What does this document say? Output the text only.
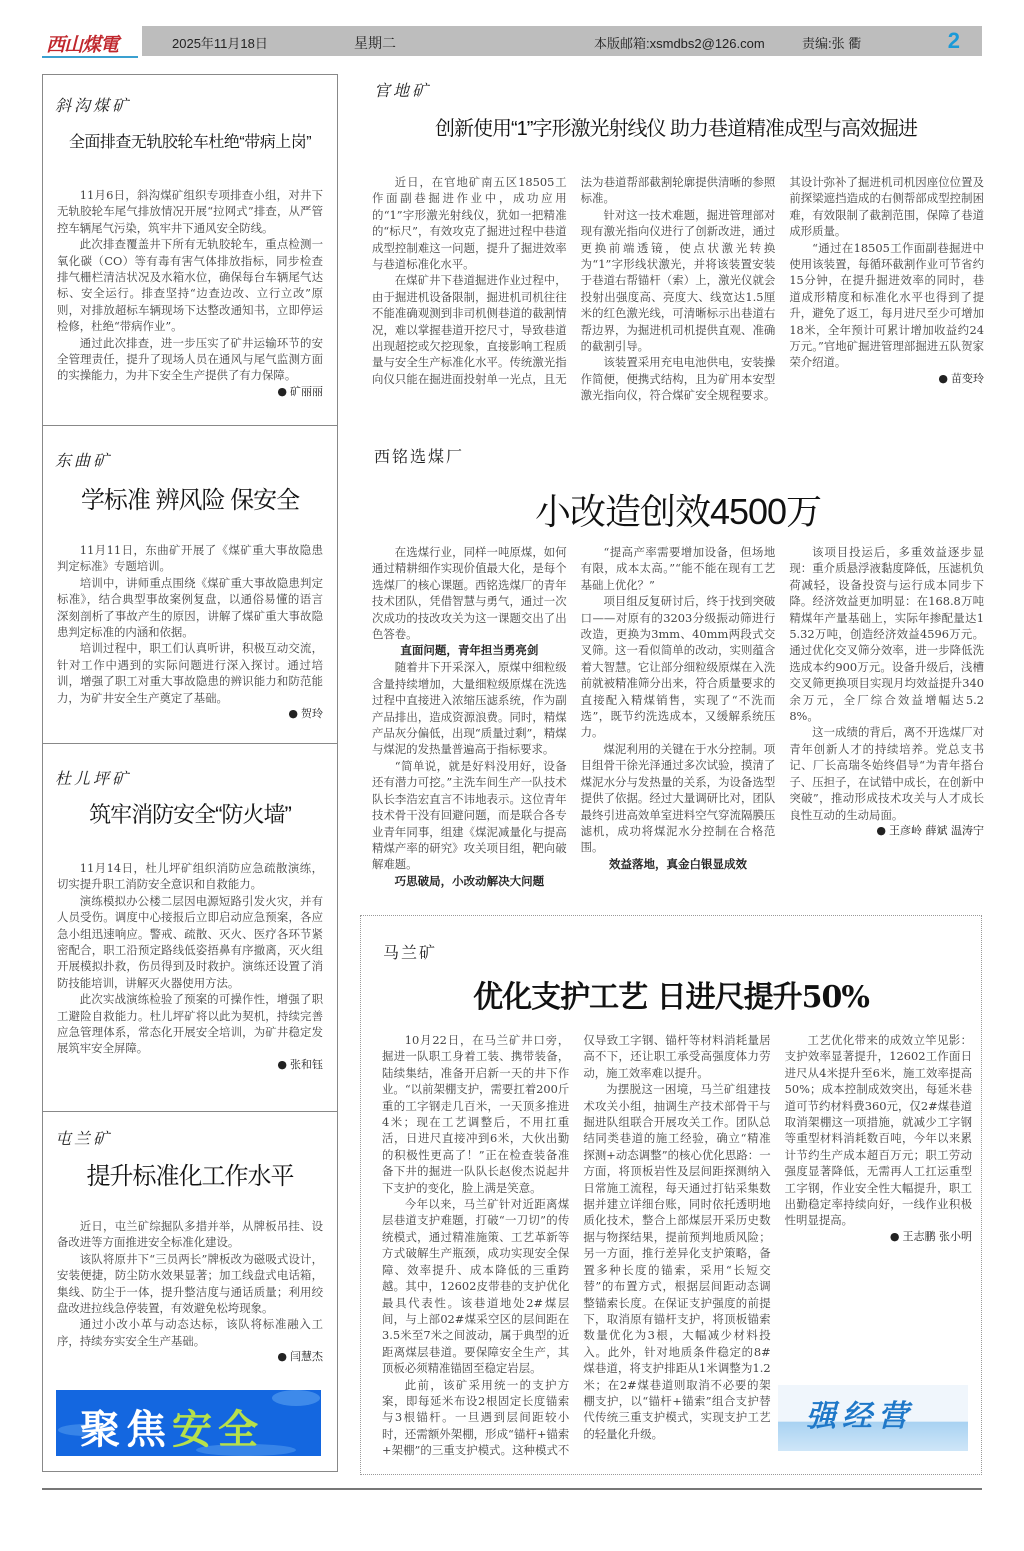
西山煤電	2025年11月18日	星期二	本版邮箱:xsmdbs2@126.com	责编:张 衢	2
斜沟煤矿
全面排查无轨胶轮车杜绝“带病上岗”

11月6日，斜沟煤矿组织专项排查小组，对井下无轨胶轮车尾气排放情况开展“拉网式”排查，从严管控车辆尾气污染，筑牢井下通风安全防线。

此次排查覆盖井下所有无轨胶轮车，重点检测一氧化碳（CO）等有毒有害气体排放指标，同步检查排气栅栏清洁状况及水箱水位，确保每台车辆尾气达标、安全运行。排查坚持“边查边改、立行立改”原则，对排放超标车辆现场下达整改通知书，立即停运检修，杜绝“带病作业”。

通过此次排查，进一步压实了矿井运输环节的安全管理责任，提升了现场人员在通风与尾气监测方面的实操能力，为井下安全生产提供了有力保障。

● 矿丽丽
东曲矿
学标准 辨风险 保安全

11月11日，东曲矿开展了《煤矿重大事故隐患判定标准》专题培训。

培训中，讲师重点围绕《煤矿重大事故隐患判定标准》，结合典型事故案例复盘，以通俗易懂的语言深刻剖析了事故产生的原因，讲解了煤矿重大事故隐患判定标准的内涵和依据。

培训过程中，职工们认真听讲，积极互动交流，针对工作中遇到的实际问题进行深入探讨。通过培训，增强了职工对重大事故隐患的辨识能力和防范能力，为矿井安全生产奠定了基础。

● 贺玲
杜儿坪矿
筑牢消防安全“防火墙”

11月14日，杜儿坪矿组织消防应急疏散演练，切实提升职工消防安全意识和自救能力。

演练模拟办公楼二层因电源短路引发火灾，并有人员受伤。调度中心接报后立即启动应急预案，各应急小组迅速响应。警戒、疏散、灭火、医疗各环节紧密配合，职工沿预定路线低姿捂鼻有序撤离，灭火组开展模拟扑救，伤员得到及时救护。演练还设置了消防技能培训，讲解灭火器使用方法。

此次实战演练检验了预案的可操作性，增强了职工避险自救能力。杜儿坪矿将以此为契机，持续完善应急管理体系，常态化开展安全培训，为矿井稳定发展筑牢安全屏障。

● 张和钰
屯兰矿
提升标准化工作水平

近日，屯兰矿综掘队多措并举，从牌板吊挂、设备改进等方面推进安全标准化建设。

该队将原井下“三员两长”牌板改为磁吸式设计，安装便捷，防尘防水效果显著；加工线盘式电话箱，集线、防尘于一体，提升整洁度与通话质量；利用绞盘改进拉线急停装置，有效避免松垮现象。

通过小改小革与动态达标，该队将标准融入工序，持续夯实安全生产基础。

● 闫慧杰
聚焦安全
官地矿
创新使用“1”字形激光射线仪 助力巷道精准成型与高效掘进

近日，在官地矿南五区18505工作面副巷掘进作业中，成功应用的“1”字形激光射线仪，犹如一把精准的“标尺”，有效攻克了掘进过程中巷道成型控制难这一问题，提升了掘进效率与巷道标准化水平。

在煤矿井下巷道掘进作业过程中，由于掘进机设备限制，掘进机司机往往不能准确观测到非司机侧巷道的截割情况，难以掌握巷道开挖尺寸，导致巷道出现超挖或欠挖现象，直接影响工程质量与安全生产标准化水平。传统激光指向仪只能在掘进面投射单一光点，且无法为巷道帮部截割轮廓提供清晰的参照标准。

针对这一技术难题，掘进管理部对现有激光指向仪进行了创新改进，通过更换前端透镜，使点状激光转换为“1”字形线状激光，并将该装置安装于巷道右帮锚杆（索）上，激光仪就会投射出强度高、亮度大、线宽达1.5厘米的红色激光线，可清晰标示出巷道右帮边界，为掘进机司机提供直观、准确的截割引导。

该装置采用充电电池供电，安装操作简便，便携式结构，且为矿用本安型激光指向仪，符合煤矿安全规程要求。其设计弥补了掘进机司机因座位位置及前探梁遮挡造成的右侧帮部成型控制困难，有效限制了截割范围，保障了巷道成形质量。

“通过在18505工作面副巷掘进中使用该装置，每循环截割作业可节省约15分钟，在提升掘进效率的同时，巷道成形精度和标准化水平也得到了提升，避免了返工，每月进尺至少可增加18米，全年预计可累计增加收益约24万元。”官地矿掘进管理部掘进五队贺家荣介绍道。

● 苗变玲
西铭选煤厂
小改造创效4500万

在选煤行业，同样一吨原煤，如何通过精耕细作实现价值最大化，是每个选煤厂的核心课题。西铭选煤厂的青年技术团队，凭借智慧与勇气，通过一次次成功的技改攻关为这一课题交出了出色答卷。

直面问题，青年担当勇亮剑

随着井下开采深入，原煤中细粒级含量持续增加，大量细粒级原煤在洗选过程中直接进入浓缩压滤系统，作为副产品排出，造成资源浪费。同时，精煤产品灰分偏低，出现“质量过剩”，精煤与煤泥的发热量普遍高于指标要求。

“简单说，就是好料没用好，设备还有潜力可挖。”主洗车间生产一队技术队长李浩宏直言不讳地表示。这位青年技术骨干没有回避问题，而是联合各专业青年同事，组建《煤泥减量化与提高精煤产率的研究》攻关项目组，靶向破解难题。

巧思破局，小改动解决大问题

“提高产率需要增加设备，但场地有限，成本太高。”“能不能在现有工艺基础上优化？”

项目组反复研讨后，终于找到突破口——对原有的3203分级振动筛进行改造，更换为3mm、40mm两段式交叉筛。这一看似简单的改动，实则蕴含着大智慧。它让部分细粒级原煤在入洗前就被精准筛分出来，符合质量要求的直接配入精煤销售，实现了“不洗而选”，既节约洗选成本，又缓解系统压力。

煤泥利用的关键在于水分控制。项目组骨干徐光泽通过多次试验，摸清了煤泥水分与发热量的关系，为设备选型提供了依据。经过大量调研比对，团队最终引进高效单室进料空气穿流隔膜压滤机，成功将煤泥水分控制在合格范围。

效益落地，真金白银显成效

该项目投运后，多重效益逐步显现：重介质悬浮液黏度降低，压滤机负荷减轻，设备投资与运行成本同步下降。经济效益更加明显：在168.8万吨精煤年产量基础上，实际年掺配量达15.32万吨，创造经济效益4596万元。通过优化交叉筛分效率，进一步降低洗选成本约900万元。设备升级后，浅槽交叉筛更换项目实现月均效益提升340余万元，全厂综合效益增幅达5.28%。

这一成绩的背后，离不开选煤厂对青年创新人才的持续培养。党总支书记、厂长高瑞冬始终倡导“为青年搭台子、压担子，在试错中成长，在创新中突破”，推动形成技术攻关与人才成长良性互动的生动局面。

● 王彦岭 薛斌 温涛宁
马兰矿
优化支护工艺 日进尺提升50%

10月22日，在马兰矿井口旁，掘进一队职工身着工装、携带装备，陆续集结，准备开启新一天的井下作业。“以前架棚支护，需要扛着200斤重的工字钢走几百米，一天顶多推进4米；现在工艺调整后，不用扛重活，日进尺直接冲到6米，大伙出勤的积极性更高了！”正在检查装备准备下井的掘进一队队长赵俊杰说起井下支护的变化，脸上满是笑意。

今年以来，马兰矿针对近距离煤层巷道支护难题，打破“一刀切”的传统模式，通过精准施策、工艺革新等方式破解生产瓶颈，成功实现安全保障、效率提升、成本降低的三重跨越。其中，12602皮带巷的支护优化最具代表性。该巷道地处2#煤层间，与上部02#煤采空区的层间距在3.5米至7米之间波动，属于典型的近距离煤层巷道。要保障安全生产，其顶板必须精准锚固至稳定岩层。

此前，该矿采用统一的支护方案，即每延米布设2根固定长度锚索与3根锚杆。一旦遇到层间距较小时，还需额外架棚，形成“锚杆+锚索+架棚”的三重支护模式。这种模式不仅导致工字钢、锚杆等材料消耗量居高不下，还让职工承受高强度体力劳动，施工效率难以提升。

为摆脱这一困境，马兰矿组建技术攻关小组，抽调生产技术部骨干与掘进队组联合开展攻关工作。团队总结同类巷道的施工经验，确立“精准探测+动态调整”的核心优化思路：一方面，将顶板岩性及层间距探测纳入日常施工流程，每天通过打钻采集数据并建立详细台账，同时依托透明地质化技术，整合上部煤层开采历史数据与物探结果，提前预判地质风险；另一方面，推行差异化支护策略，备置多种长度的锚索，采用“长短交替”的布置方式，根据层间距动态调整锚索长度。在保证支护强度的前提下，取消原有锚杆支护，将顶板锚索数量优化为3根，大幅减少材料投入。此外，针对地质条件稳定的8#煤巷道，将支护排距从1米调整为1.2米；在2#煤巷道则取消不必要的架棚支护，以“锚杆+锚索”组合支护替代传统三重支护模式，实现支护工艺的轻量化升级。

工艺优化带来的成效立竿见影：支护效率显著提升，12602工作面日进尺从4米提升至6米，施工效率提高50%；成本控制成效突出，每延米巷道可节约材料费360元，仅2#煤巷道取消架棚这一项措施，就减少工字钢等重型材料消耗数百吨，今年以来累计节约生产成本超百万元；职工劳动强度显著降低，无需再人工扛运重型工字钢，作业安全性大幅提升，职工出勤稳定率持续向好，一线作业积极性明显提高。

● 王志鹏 张小明
强经营
